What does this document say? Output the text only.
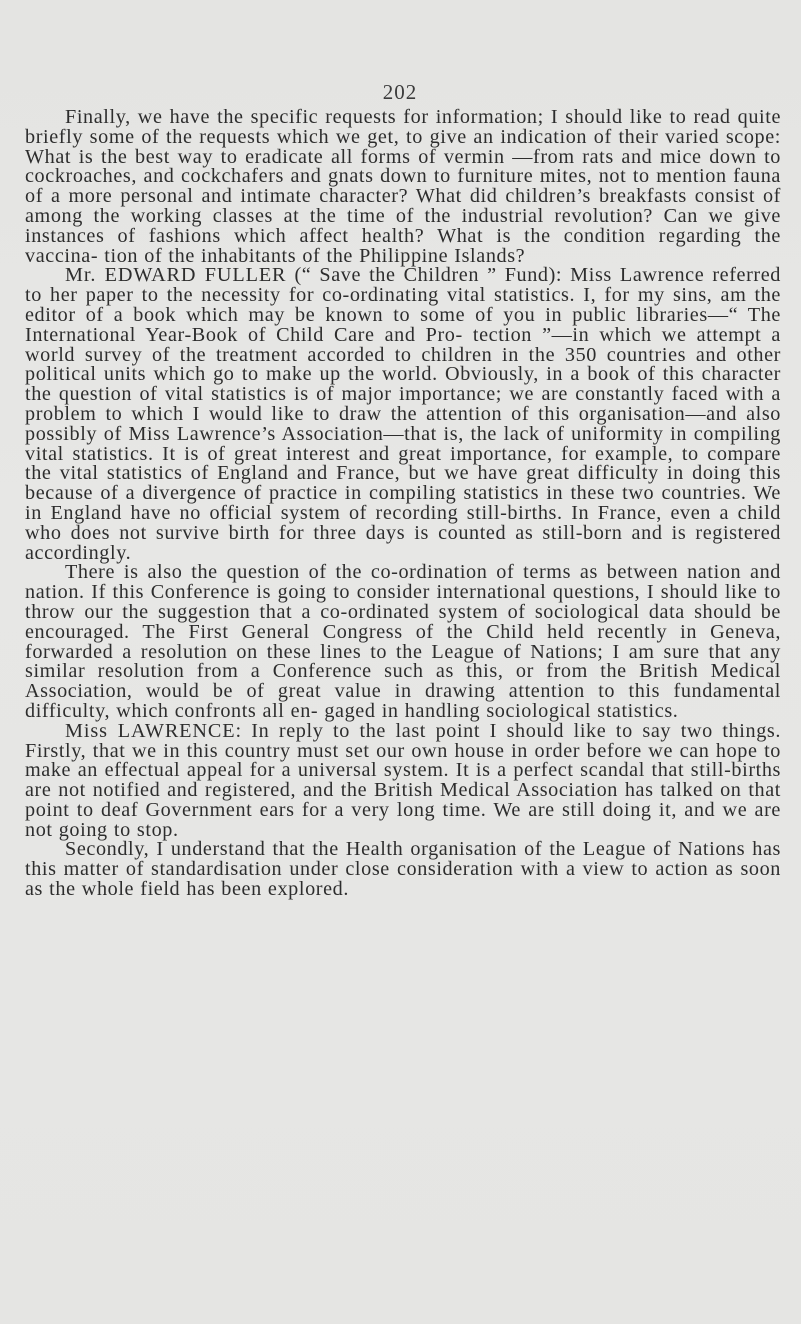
202

Finally, we have the specific requests for information; I should like to read quite briefly some of the requests which we get, to give an indication of their varied scope: What is the best way to eradicate all forms of vermin —from rats and mice down to cockroaches, and cockchafers and gnats down to furniture mites, not to mention fauna of a more personal and intimate character? What did children’s breakfasts consist of among the working classes at the time of the industrial revolution? Can we give instances of fashions which affect health? What is the condition regarding the vaccina- tion of the inhabitants of the Philippine Islands?

Mr. EDWARD FULLER (“ Save the Children ” Fund): Miss Lawrence referred to her paper to the necessity for co-ordinating vital statistics. I, for my sins, am the editor of a book which may be known to some of you in public libraries—“ The International Year-Book of Child Care and Pro- tection ”—in which we attempt a world survey of the treatment accorded to children in the 350 countries and other political units which go to make up the world. Obviously, in a book of this character the question of vital statistics is of major importance; we are constantly faced with a problem to which I would like to draw the attention of this organisation—and also possibly of Miss Lawrence’s Association—that is, the lack of uniformity in compiling vital statistics. It is of great interest and great importance, for example, to compare the vital statistics of England and France, but we have great difficulty in doing this because of a divergence of practice in compiling statistics in these two countries. We in England have no official system of recording still-births. In France, even a child who does not survive birth for three days is counted as still-born and is registered accordingly.

There is also the question of the co-ordination of terms as between nation and nation. If this Conference is going to consider international questions, I should like to throw our the suggestion that a co-ordinated system of sociological data should be encouraged. The First General Congress of the Child held recently in Geneva, forwarded a resolution on these lines to the League of Nations; I am sure that any similar resolution from a Conference such as this, or from the British Medical Association, would be of great value in drawing attention to this fundamental difficulty, which confronts all en- gaged in handling sociological statistics.

Miss LAWRENCE: In reply to the last point I should like to say two things. Firstly, that we in this country must set our own house in order before we can hope to make an effectual appeal for a universal system. It is a perfect scandal that still-births are not notified and registered, and the British Medical Association has talked on that point to deaf Government ears for a very long time. We are still doing it, and we are not going to stop.

Secondly, I understand that the Health organisation of the League of Nations has this matter of standardisation under close consideration with a view to action as soon as the whole field has been explored.
